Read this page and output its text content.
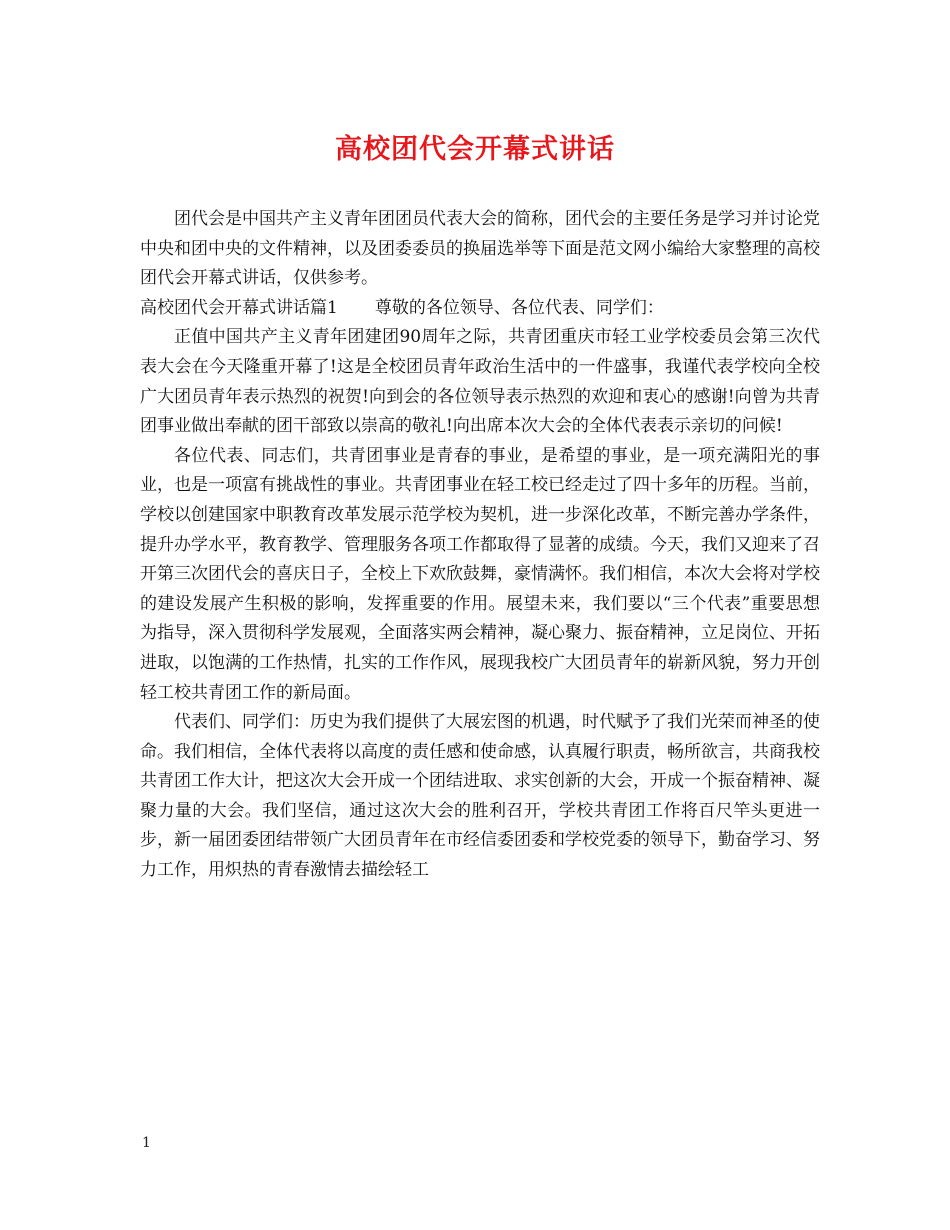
高校团代会开幕式讲话

团代会是中国共产主义青年团团员代表大会的简称，团代会的主要任务是学习并讨论党中央和团中央的文件精神，以及团委委员的换届选举等下面是范文网小编给大家整理的高校团代会开幕式讲话，仅供参考。

高校团代会开幕式讲话篇1 尊敬的各位领导、各位代表、同学们：

正值中国共产主义青年团建团90周年之际，共青团重庆市轻工业学校委员会第三次代表大会在今天隆重开幕了!这是全校团员青年政治生活中的一件盛事，我谨代表学校向全校广大团员青年表示热烈的祝贺!向到会的各位领导表示热烈的欢迎和衷心的感谢!向曾为共青团事业做出奉献的团干部致以崇高的敬礼!向出席本次大会的全体代表表示亲切的问候!

各位代表、同志们，共青团事业是青春的事业，是希望的事业，是一项充满阳光的事业，也是一项富有挑战性的事业。共青团事业在轻工校已经走过了四十多年的历程。当前，学校以创建国家中职教育改革发展示范学校为契机，进一步深化改革，不断完善办学条件，提升办学水平，教育教学、管理服务各项工作都取得了显著的成绩。今天，我们又迎来了召开第三次团代会的喜庆日子，全校上下欢欣鼓舞，豪情满怀。我们相信，本次大会将对学校的建设发展产生积极的影响，发挥重要的作用。展望未来，我们要以“三个代表”重要思想为指导，深入贯彻科学发展观，全面落实两会精神，凝心聚力、振奋精神，立足岗位、开拓进取，以饱满的工作热情，扎实的工作作风，展现我校广大团员青年的崭新风貌，努力开创轻工校共青团工作的新局面。

代表们、同学们：历史为我们提供了大展宏图的机遇，时代赋予了我们光荣而神圣的使命。我们相信，全体代表将以高度的责任感和使命感，认真履行职责，畅所欲言，共商我校共青团工作大计，把这次大会开成一个团结进取、求实创新的大会，开成一个振奋精神、凝聚力量的大会。我们坚信，通过这次大会的胜利召开，学校共青团工作将百尺竿头更进一步，新一届团委团结带领广大团员青年在市经信委团委和学校党委的领导下，勤奋学习、努力工作，用炽热的青春激情去描绘轻工

1
